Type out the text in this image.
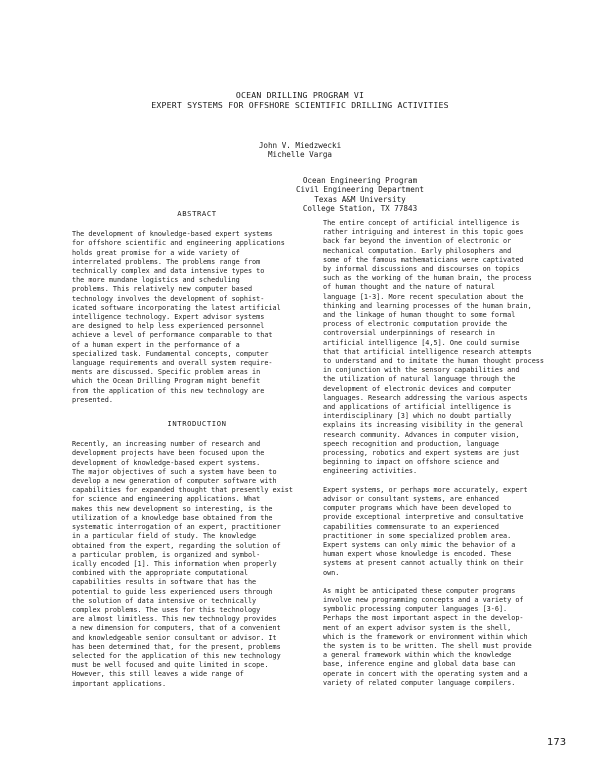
OCEAN DRILLING PROGRAM VI
EXPERT SYSTEMS FOR OFFSHORE SCIENTIFIC DRILLING ACTIVITIES
John V. Miedzwecki
Michelle Varga
Ocean Engineering Program
Civil Engineering Department
Texas A&M University
College Station, TX 77843
ABSTRACT
The development of knowledge-based expert systems
for offshore scientific and engineering applications
holds great promise for a wide variety of
interrelated problems. The problems range from
technically complex and data intensive types to
the more mundane logistics and scheduling
problems. This relatively new computer based
technology involves the development of sophist-
icated software incorporating the latest artificial
intelligence technology. Expert advisor systems
are designed to help less experienced personnel
achieve a level of performance comparable to that
of a human expert in the performance of a
specialized task. Fundamental concepts, computer
language requirements and overall system require-
ments are discussed. Specific problem areas in
which the Ocean Drilling Program might benefit
from the application of this new technology are
presented.
INTRODUCTION
Recently, an increasing number of research and
development projects have been focused upon the
development of knowledge-based expert systems.
The major objectives of such a system have been to
develop a new generation of computer software with
capabilities for expanded thought that presently exist
for science and engineering applications. What
makes this new development so interesting, is the
utilization of a knowledge base obtained from the
systematic interrogation of an expert, practitioner
in a particular field of study. The knowledge
obtained from the expert, regarding the solution of
a particular problem, is organized and symbol-
ically encoded [1]. This information when properly
combined with the appropriate computational
capabilities results in software that has the
potential to guide less experienced users through
the solution of data intensive or technically
complex problems. The uses for this technology
are almost limitless. This new technology provides
a new dimension for computers, that of a convenient
and knowledgeable senior consultant or advisor. It
has been determined that, for the present, problems
selected for the application of this new technology
must be well focused and quite limited in scope.
However, this still leaves a wide range of
important applications.
The entire concept of artificial intelligence is
rather intriguing and interest in this topic goes
back far beyond the invention of electronic or
mechanical computation. Early philosophers and
some of the famous mathematicians were captivated
by informal discussions and discourses on topics
such as the working of the human brain, the process
of human thought and the nature of natural
language [1-3]. More recent speculation about the
thinking and learning processes of the human brain,
and the linkage of human thought to some formal
process of electronic computation provide the
controversial underpinnings of research in
artificial intelligence [4,5]. One could surmise
that that artificial intelligence research attempts
to understand and to imitate the human thought process
in conjunction with the sensory capabilities and
the utilization of natural language through the
development of electronic devices and computer
languages. Research addressing the various aspects
and applications of artificial intelligence is
interdisciplinary [3] which no doubt partially
explains its increasing visibility in the general
research community. Advances in computer vision,
speech recognition and production, language
processing, robotics and expert systems are just
beginning to impact on offshore science and
engineering activities.
Expert systems, or perhaps more accurately, expert
advisor or consultant systems, are enhanced
computer programs which have been developed to
provide exceptional interpretive and consultative
capabilities commensurate to an experienced
practitioner in some specialized problem area.
Expert systems can only mimic the behavior of a
human expert whose knowledge is encoded. These
systems at present cannot actually think on their
own.
As might be anticipated these computer programs
involve new programming concepts and a variety of
symbolic processing computer languages [3-6].
Perhaps the most important aspect in the develop-
ment of an expert advisor system is the shell,
which is the framework or environment within which
the system is to be written. The shell must provide
a general framework within which the knowledge
base, inference engine and global data base can
operate in concert with the operating system and a
variety of related computer language compilers.
173
